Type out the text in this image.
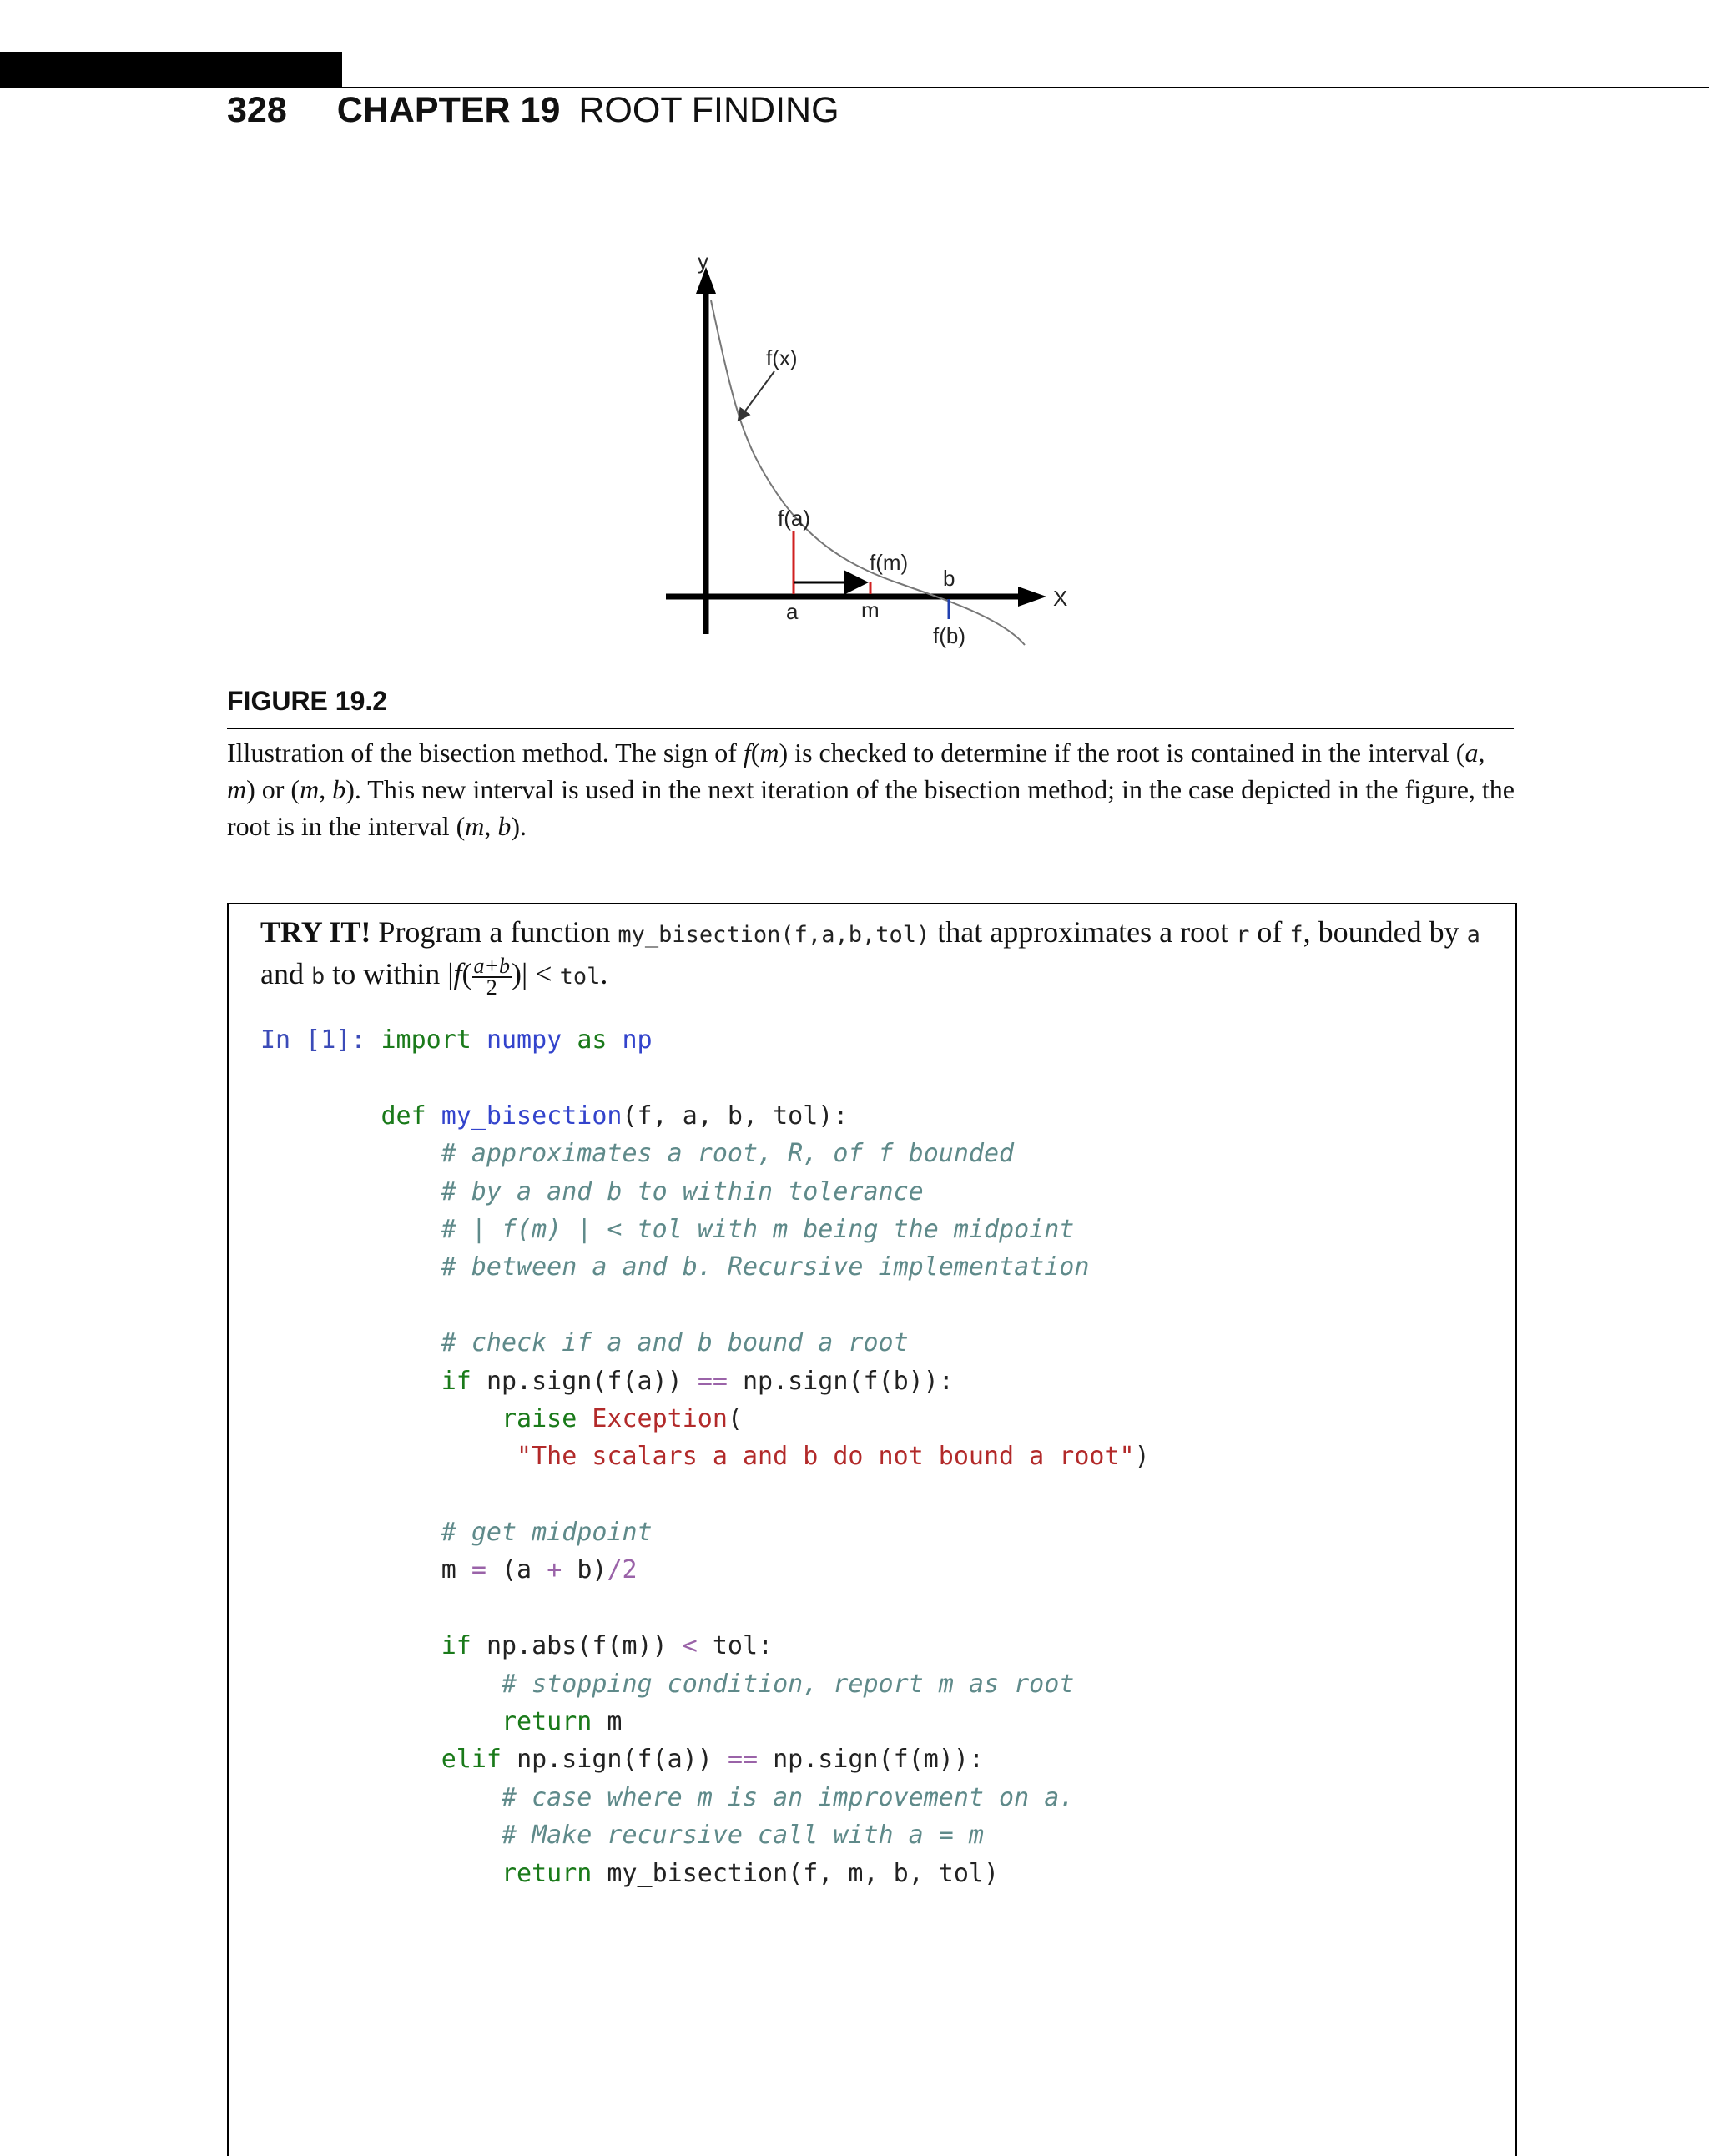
328 CHAPTER 19 ROOT FINDING
y
X
f(x)
f(a)
f(m)
f(b)
a	m
b
FIGURE 19.2
Illustration of the bisection method. The sign of f(m) is checked to determine if the root is contained in the interval (a, m) or (m, b). This new interval is used in the next iteration of the bisection method; in the case depicted in the figure, the root is in the interval (m, b).
TRY IT! Program a function my_bisection(f,a,b,tol) that approximates a root r of f, bounded by a and b to within $|f( \frac{a+b}{2}$ )| < tol.
In [1]: import numpy as np
def my_bisection(f, a, b, tol):
# approximates a root, R, of f bounded
# by a and b to within tolerance
# | f(m) | < tol with m being the midpoint
# between a and b. Recursive implementation
# check if a and b bound a root
if np.sign(f(a)) == np.sign(f(b)):
raise Exception(
"The scalars a and b do not bound a root")
# get midpoint
m = (a + b)/2
if np.abs(f(m)) < tol:
# stopping condition, report m as root
return m
elif np.sign(f(a)) == np.sign(f(m)):
# case where m is an improvement on a.
# Make recursive call with a = m
return my_bisection(f, m, b, tol)
